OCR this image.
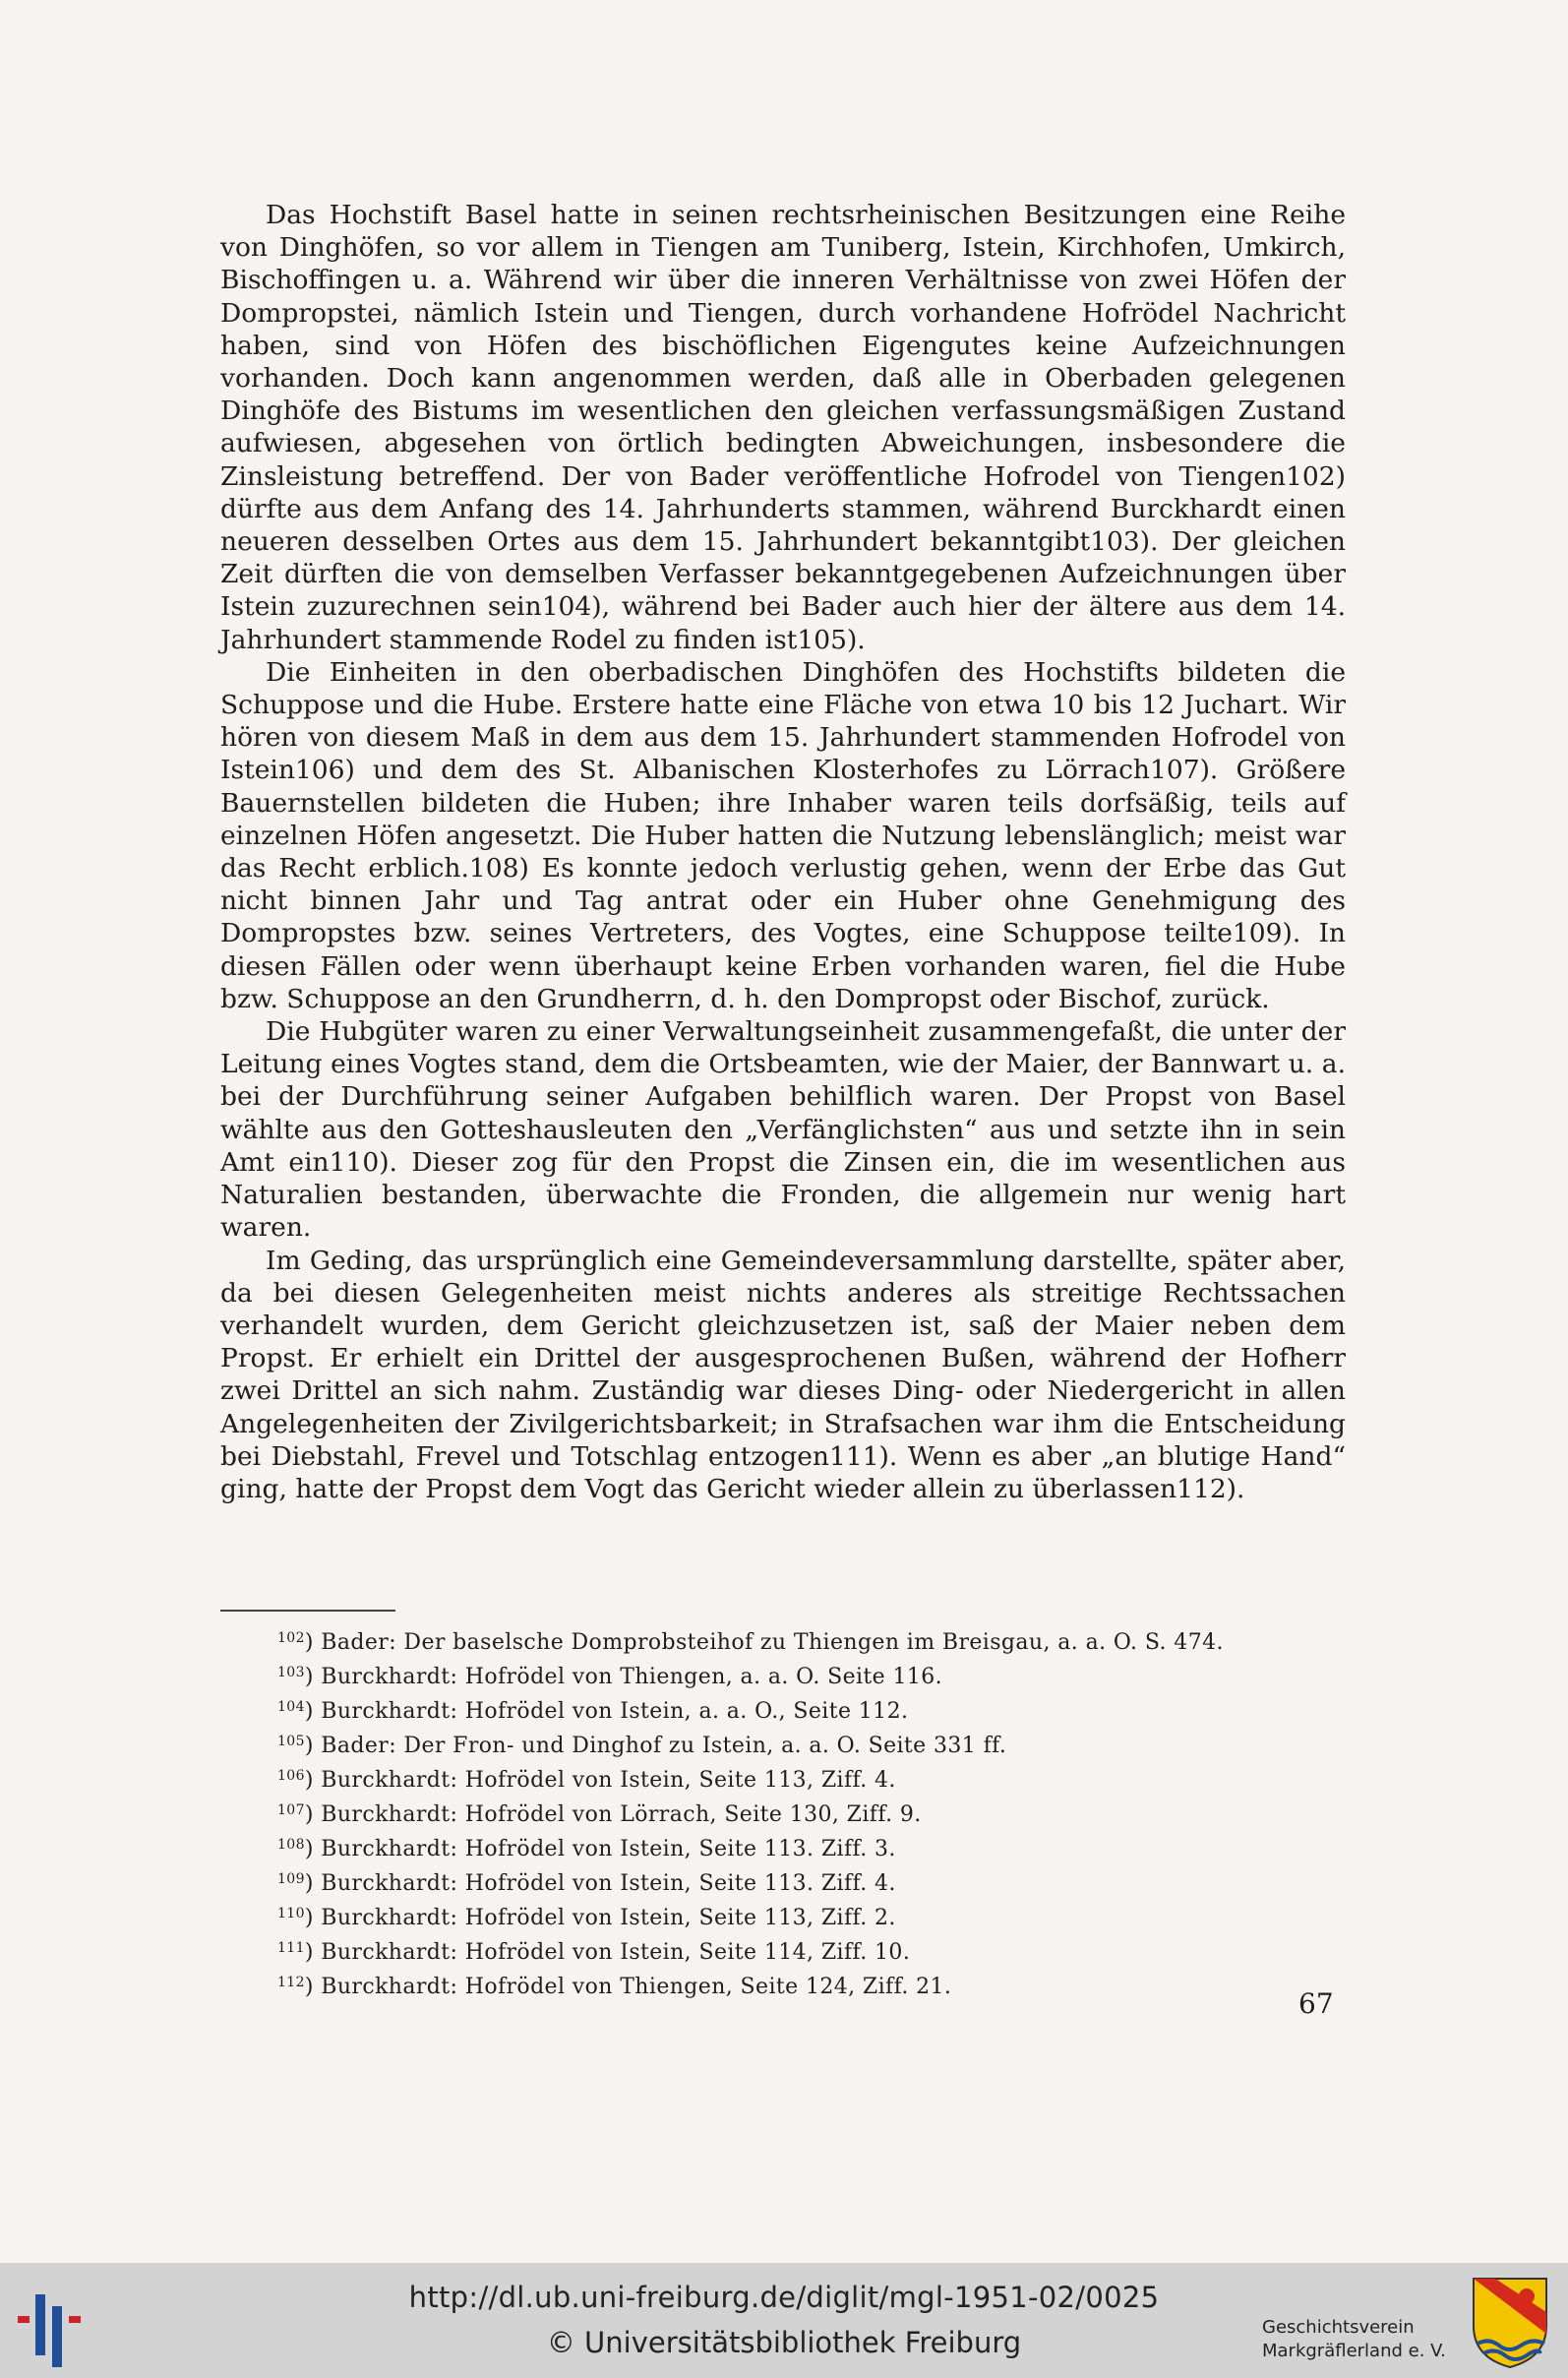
Das Hochstift Basel hatte in seinen rechtsrheinischen Besitzungen eine Reihe von Dinghöfen, so vor allem in Tiengen am Tuniberg, Istein, Kirchhofen, Umkirch, Bischoffingen u. a. Während wir über die inneren Verhältnisse von zwei Höfen der Dompropstei, nämlich Istein und Tiengen, durch vorhandene Hofrödel Nachricht haben, sind von Höfen des bischöflichen Eigengutes keine Aufzeichnungen vorhanden. Doch kann angenommen werden, daß alle in Oberbaden gelegenen Dinghöfe des Bistums im wesentlichen den gleichen verfassungsmäßigen Zustand aufwiesen, abgesehen von örtlich bedingten Abweichungen, insbesondere die Zinsleistung betreffend. Der von Bader veröffentliche Hofrodel von Tiengen102) dürfte aus dem Anfang des 14. Jahrhunderts stammen, während Burckhardt einen neueren desselben Ortes aus dem 15. Jahrhundert bekanntgibt103). Der gleichen Zeit dürften die von demselben Verfasser bekanntgegebenen Aufzeichnungen über Istein zuzurechnen sein104), während bei Bader auch hier der ältere aus dem 14. Jahrhundert stammende Rodel zu finden ist105).

Die Einheiten in den oberbadischen Dinghöfen des Hochstifts bildeten die Schuppose und die Hube. Erstere hatte eine Fläche von etwa 10 bis 12 Juchart. Wir hören von diesem Maß in dem aus dem 15. Jahrhundert stammenden Hofrodel von Istein106) und dem des St. Albanischen Klosterhofes zu Lörrach107). Größere Bauernstellen bildeten die Huben; ihre Inhaber waren teils dorfsäßig, teils auf einzelnen Höfen angesetzt. Die Huber hatten die Nutzung lebenslänglich; meist war das Recht erblich.108) Es konnte jedoch verlustig gehen, wenn der Erbe das Gut nicht binnen Jahr und Tag antrat oder ein Huber ohne Genehmigung des Dompropstes bzw. seines Vertreters, des Vogtes, eine Schuppose teilte109). In diesen Fällen oder wenn überhaupt keine Erben vorhanden waren, fiel die Hube bzw. Schuppose an den Grundherrn, d. h. den Dompropst oder Bischof, zurück.

Die Hubgüter waren zu einer Verwaltungseinheit zusammengefaßt, die unter der Leitung eines Vogtes stand, dem die Ortsbeamten, wie der Maier, der Bannwart u. a. bei der Durchführung seiner Aufgaben behilflich waren. Der Propst von Basel wählte aus den Gotteshausleuten den „Verfänglichsten“ aus und setzte ihn in sein Amt ein110). Dieser zog für den Propst die Zinsen ein, die im wesentlichen aus Naturalien bestanden, überwachte die Fronden, die allgemein nur wenig hart waren.

Im Geding, das ursprünglich eine Gemeindeversammlung darstellte, später aber, da bei diesen Gelegenheiten meist nichts anderes als streitige Rechtssachen verhandelt wurden, dem Gericht gleichzusetzen ist, saß der Maier neben dem Propst. Er erhielt ein Drittel der ausgesprochenen Bußen, während der Hofherr zwei Drittel an sich nahm. Zuständig war dieses Ding- oder Niedergericht in allen Angelegenheiten der Zivilgerichtsbarkeit; in Strafsachen war ihm die Entscheidung bei Diebstahl, Frevel und Totschlag entzogen111). Wenn es aber „an blutige Hand“ ging, hatte der Propst dem Vogt das Gericht wieder allein zu überlassen112).

$^{102}$) Bader: Der baselsche Domprobsteihof zu Thiengen im Breisgau, a. a. O. S. 474.
$^{103}$) Burckhardt: Hofrödel von Thiengen, a. a. O. Seite 116.
$^{104}$) Burckhardt: Hofrödel von Istein, a. a. O., Seite 112.
$^{105}$) Bader: Der Fron- und Dinghof zu Istein, a. a. O. Seite 331 ff.
$^{106}$) Burckhardt: Hofrödel von Istein, Seite 113, Ziff. 4.
$^{107}$) Burckhardt: Hofrödel von Lörrach, Seite 130, Ziff. 9.
$^{108}$) Burckhardt: Hofrödel von Istein, Seite 113. Ziff. 3.
$^{109}$) Burckhardt: Hofrödel von Istein, Seite 113. Ziff. 4.
$^{110}$) Burckhardt: Hofrödel von Istein, Seite 113, Ziff. 2.
$^{111}$) Burckhardt: Hofrödel von Istein, Seite 114, Ziff. 10.
$^{112}$) Burckhardt: Hofrödel von Thiengen, Seite 124, Ziff. 21.
67
http://dl.ub.uni-freiburg.de/diglit/mgl-1951-02/0025
© Universitätsbibliothek Freiburg	Geschichtsverein
Markgräflerland e. V.
